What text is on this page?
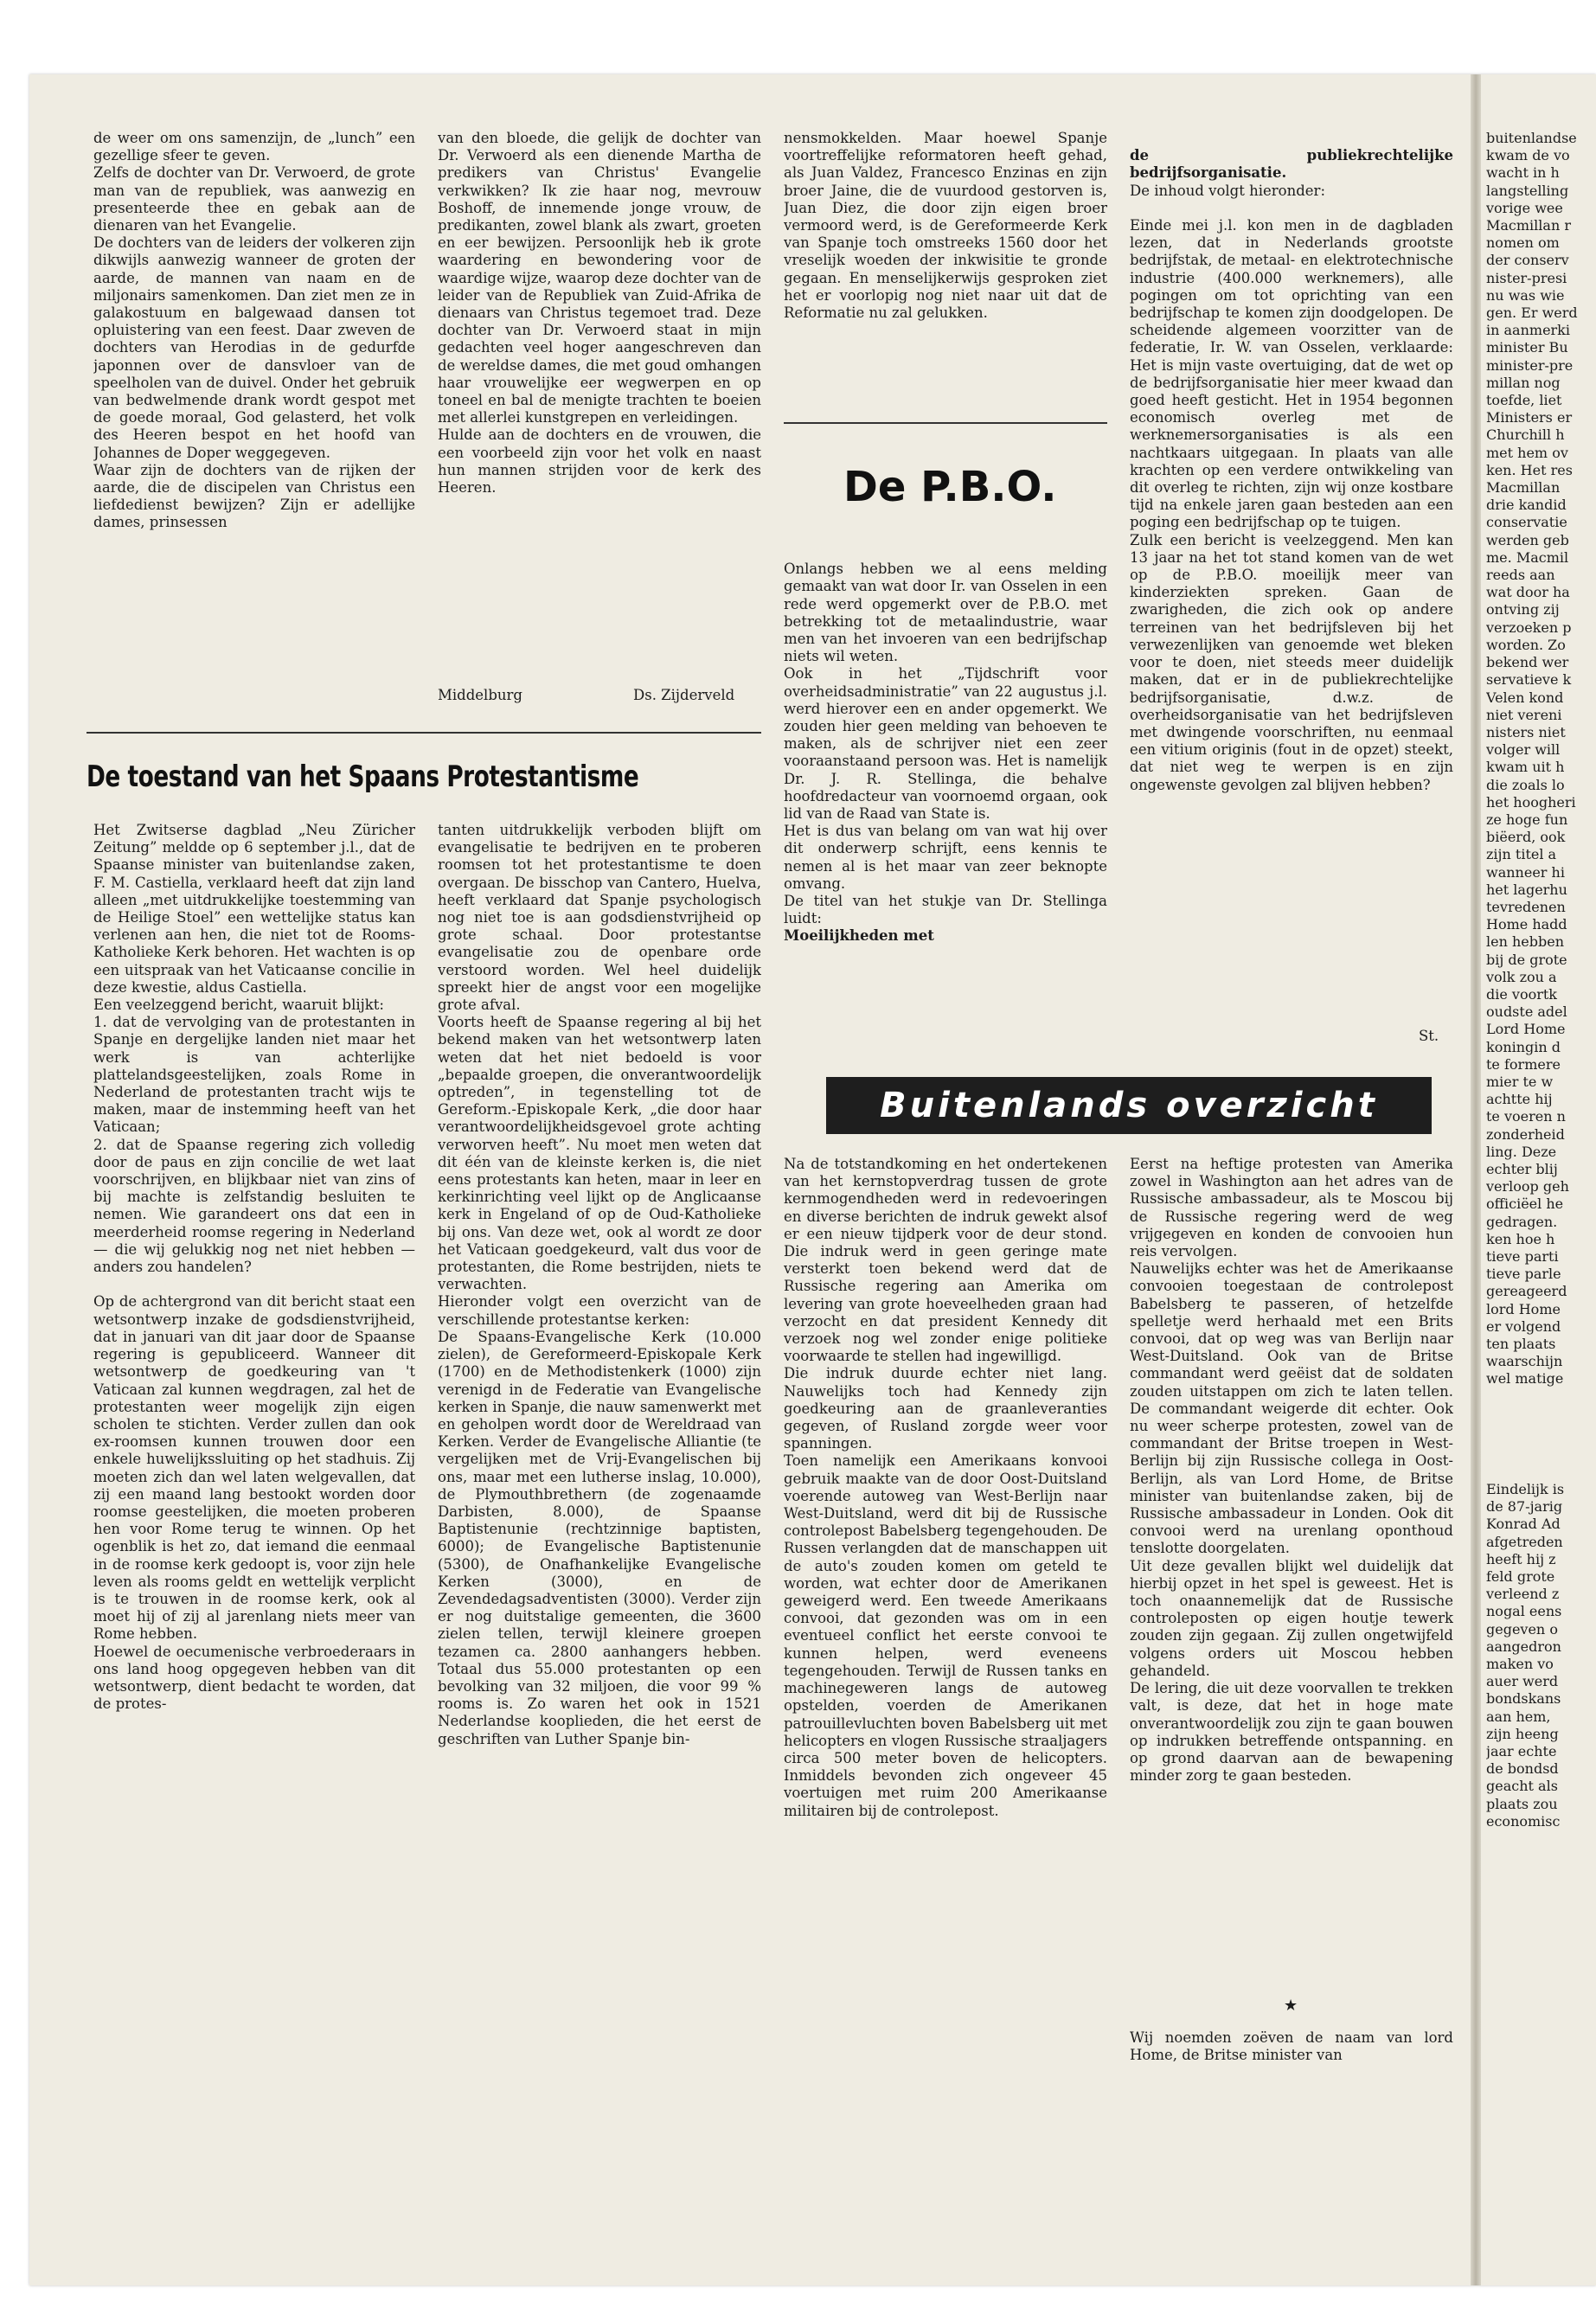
de weer om ons samenzijn, de „lunch” een gezellige sfeer te geven.
Zelfs de dochter van Dr. Verwoerd, de grote man van de republiek, was aanwezig en presenteerde thee en gebak aan de dienaren van het Evangelie.
De dochters van de leiders der volkeren zijn dikwijls aanwezig wanneer de groten der aarde, de mannen van naam en de miljonairs samenkomen. Dan ziet men ze in galakostuum en balgewaad dansen tot opluistering van een feest. Daar zweven de dochters van Herodias in de gedurfde japonnen over de dansvloer van de speelholen van de duivel. Onder het gebruik van bedwelmende drank wordt gespot met de goede moraal, God gelasterd, het volk des Heeren bespot en het hoofd van Johannes de Doper weggegeven.
Waar zijn de dochters van de rijken der aarde, die de discipelen van Christus een liefdedienst bewijzen? Zijn er adellijke dames, prinsessen
van den bloede, die gelijk de dochter van Dr. Verwoerd als een dienende Martha de predikers van Christus' Evangelie verkwikken? Ik zie haar nog, mevrouw Boshoff, de innemende jonge vrouw, de predikanten, zowel blank als zwart, groeten en eer bewijzen. Persoonlijk heb ik grote waardering en bewondering voor de waardige wijze, waarop deze dochter van de leider van de Republiek van Zuid-Afrika de dienaars van Christus tegemoet trad. Deze dochter van Dr. Verwoerd staat in mijn gedachten veel hoger aangeschreven dan de wereldse dames, die met goud omhangen haar vrouwelijke eer wegwerpen en op toneel en bal de menigte trachten te boeien met allerlei kunstgrepen en verleidingen.
Hulde aan de dochters en de vrouwen, die een voorbeeld zijn voor het volk en naast hun mannen strijden voor de kerk des Heeren.
Middelburg	Ds. Zijderveld
De toestand van het Spaans Protestantisme
Het Zwitserse dagblad „Neu Züricher Zeitung” meldde op 6 september j.l., dat de Spaanse minister van buitenlandse zaken, F. M. Castiella, verklaard heeft dat zijn land alleen „met uitdrukkelijke toestemming van de Heilige Stoel” een wettelijke status kan verlenen aan hen, die niet tot de Rooms-Katholieke Kerk behoren. Het wachten is op een uitspraak van het Vaticaanse concilie in deze kwestie, aldus Castiella.
Een veelzeggend bericht, waaruit blijkt:
1. dat de vervolging van de protestanten in Spanje en dergelijke landen niet maar het werk is van achterlijke plattelandsgeestelijken, zoals Rome in Nederland de protestanten tracht wijs te maken, maar de instemming heeft van het Vaticaan;
2. dat de Spaanse regering zich volledig door de paus en zijn concilie de wet laat voorschrijven, en blijkbaar niet van zins of bij machte is zelfstandig besluiten te nemen. Wie garandeert ons dat een in meerderheid roomse regering in Nederland — die wij gelukkig nog net niet hebben — anders zou handelen?

Op de achtergrond van dit bericht staat een wetsontwerp inzake de godsdienstvrijheid, dat in januari van dit jaar door de Spaanse regering is gepubliceerd. Wanneer dit wetsontwerp de goedkeuring van 't Vaticaan zal kunnen wegdragen, zal het de protestanten weer mogelijk zijn eigen scholen te stichten. Verder zullen dan ook ex-roomsen kunnen trouwen door een enkele huwelijkssluiting op het stadhuis. Zij moeten zich dan wel laten welgevallen, dat zij een maand lang bestookt worden door roomse geestelijken, die moeten proberen hen voor Rome terug te winnen. Op het ogenblik is het zo, dat iemand die eenmaal in de roomse kerk gedoopt is, voor zijn hele leven als rooms geldt en wettelijk verplicht is te trouwen in de roomse kerk, ook al moet hij of zij al jarenlang niets meer van Rome hebben.
Hoewel de oecumenische verbroederaars in ons land hoog opgegeven hebben van dit wetsontwerp, dient bedacht te worden, dat de protes-
tanten uitdrukkelijk verboden blijft om evangelisatie te bedrijven en te proberen roomsen tot het protestantisme te doen overgaan. De bisschop van Cantero, Huelva, heeft verklaard dat Spanje psychologisch nog niet toe is aan godsdienstvrijheid op grote schaal. Door protestantse evangelisatie zou de openbare orde verstoord worden. Wel heel duidelijk spreekt hier de angst voor een mogelijke grote afval.
Voorts heeft de Spaanse regering al bij het bekend maken van het wetsontwerp laten weten dat het niet bedoeld is voor „bepaalde groepen, die onverantwoordelijk optreden”, in tegenstelling tot de Gereform.-Episkopale Kerk, „die door haar verantwoordelijkheidsgevoel grote achting verworven heeft”. Nu moet men weten dat dit één van de kleinste kerken is, die niet eens protestants kan heten, maar in leer en kerkinrichting veel lijkt op de Anglicaanse kerk in Engeland of op de Oud-Katholieke bij ons. Van deze wet, ook al wordt ze door het Vaticaan goedgekeurd, valt dus voor de protestanten, die Rome bestrijden, niets te verwachten.
Hieronder volgt een overzicht van de verschillende protestantse kerken:
De Spaans-Evangelische Kerk (10.000 zielen), de Gereformeerd-Episkopale Kerk (1700) en de Methodistenkerk (1000) zijn verenigd in de Federatie van Evangelische kerken in Spanje, die nauw samenwerkt met en geholpen wordt door de Wereldraad van Kerken. Verder de Evangelische Alliantie (te vergelijken met de Vrij-Evangelischen bij ons, maar met een lutherse inslag, 10.000), de Plymouthbrethern (de zogenaamde Darbisten, 8.000), de Spaanse Baptistenunie (rechtzinnige baptisten, 6000); de Evangelische Baptistenunie (5300), de Onafhankelijke Evangelische Kerken (3000), en de Zevendedagsadventisten (3000). Verder zijn er nog duitstalige gemeenten, die 3600 zielen tellen, terwijl kleinere groepen tezamen ca. 2800 aanhangers hebben. Totaal dus 55.000 protestanten op een bevolking van 32 miljoen, die voor 99 % rooms is. Zo waren het ook in 1521 Nederlandse kooplieden, die het eerst de geschriften van Luther Spanje bin-
nensmokkelden. Maar hoewel Spanje voortreffelijke reformatoren heeft gehad, als Juan Valdez, Francesco Enzinas en zijn broer Jaine, die de vuurdood gestorven is, Juan Diez, die door zijn eigen broer vermoord werd, is de Gereformeerde Kerk van Spanje toch omstreeks 1560 door het vreselijk woeden der inkwisitie te gronde gegaan. En menselijkerwijs gesproken ziet het er voorlopig nog niet naar uit dat de Reformatie nu zal gelukken.
De P.B.O.

Onlangs hebben we al eens melding gemaakt van wat door Ir. van Osselen in een rede werd opgemerkt over de P.B.O. met betrekking tot de metaalindustrie, waar men van het invoeren van een bedrijfschap niets wil weten.
Ook in het „Tijdschrift voor overheidsadministratie” van 22 augustus j.l. werd hierover een en ander opgemerkt. We zouden hier geen melding van behoeven te maken, als de schrijver niet een zeer vooraanstaand persoon was. Het is namelijk Dr. J. R. Stellinga, die behalve hoofdredacteur van voornoemd orgaan, ook lid van de Raad van State is.
Het is dus van belang om van wat hij over dit onderwerp schrijft, eens kennis te nemen al is het maar van zeer beknopte omvang.
De titel van het stukje van Dr. Stellinga luidt:
Moeilijkheden met

de publiekrechtelijke bedrijfsorganisatie.
De inhoud volgt hieronder:

Einde mei j.l. kon men in de dagbladen lezen, dat in Nederlands grootste bedrijfstak, de metaal- en elektrotechnische industrie (400.000 werknemers), alle pogingen om tot oprichting van een bedrijfschap te komen zijn doodgelopen. De scheidende algemeen voorzitter van de federatie, Ir. W. van Osselen, verklaarde: Het is mijn vaste overtuiging, dat de wet op de bedrijfsorganisatie hier meer kwaad dan goed heeft gesticht. Het in 1954 begonnen economisch overleg met de werknemersorganisaties is als een nachtkaars uitgegaan. In plaats van alle krachten op een verdere ontwikkeling van dit overleg te richten, zijn wij onze kostbare tijd na enkele jaren gaan besteden aan een poging een bedrijfschap op te tuigen.
Zulk een bericht is veelzeggend. Men kan 13 jaar na het tot stand komen van de wet op de P.B.O. moeilijk meer van kinderziekten spreken. Gaan de zwarigheden, die zich ook op andere terreinen van het bedrijfsleven bij het verwezenlijken van genoemde wet bleken voor te doen, niet steeds meer duidelijk maken, dat er in de publiekrechtelijke bedrijfsorganisatie, d.w.z. de overheidsorganisatie van het bedrijfsleven met dwingende voorschriften, nu eenmaal een vitium originis (fout in de opzet) steekt, dat niet weg te werpen is en zijn ongewenste gevolgen zal blijven hebben?

St.
Buitenlands overzicht
Na de totstandkoming en het ondertekenen van het kernstopverdrag tussen de grote kernmogendheden werd in redevoeringen en diverse berichten de indruk gewekt alsof er een nieuw tijdperk voor de deur stond. Die indruk werd in geen geringe mate versterkt toen bekend werd dat de Russische regering aan Amerika om levering van grote hoeveelheden graan had verzocht en dat president Kennedy dit verzoek nog wel zonder enige politieke voorwaarde te stellen had ingewilligd.
Die indruk duurde echter niet lang. Nauwelijks toch had Kennedy zijn goedkeuring aan de graanleveranties gegeven, of Rusland zorgde weer voor spanningen.
Toen namelijk een Amerikaans konvooi gebruik maakte van de door Oost-Duitsland voerende autoweg van West-Berlijn naar West-Duitsland, werd dit bij de Russische controlepost Babelsberg tegengehouden. De Russen verlangden dat de manschappen uit de auto's zouden komen om geteld te worden, wat echter door de Amerikanen geweigerd werd. Een tweede Amerikaans convooi, dat gezonden was om in een eventueel conflict het eerste convooi te kunnen helpen, werd eveneens tegengehouden. Terwijl de Russen tanks en machinegeweren langs de autoweg opstelden, voerden de Amerikanen patrouillevluchten boven Babelsberg uit met helicopters en vlogen Russische straaljagers circa 500 meter boven de helicopters. Inmiddels bevonden zich ongeveer 45 voertuigen met ruim 200 Amerikaanse militairen bij de controlepost.
Eerst na heftige protesten van Amerika zowel in Washington aan het adres van de Russische ambassadeur, als te Moscou bij de Russische regering werd de weg vrijgegeven en konden de convooien hun reis vervolgen.
Nauwelijks echter was het de Amerikaanse convooien toegestaan de controlepost Babelsberg te passeren, of hetzelfde spelletje werd herhaald met een Brits convooi, dat op weg was van Berlijn naar West-Duitsland. Ook van de Britse commandant werd geëist dat de soldaten zouden uitstappen om zich te laten tellen. De commandant weigerde dit echter. Ook nu weer scherpe protesten, zowel van de commandant der Britse troepen in West-Berlijn bij zijn Russische collega in Oost-Berlijn, als van Lord Home, de Britse minister van buitenlandse zaken, bij de Russische ambassadeur in Londen. Ook dit convooi werd na urenlang oponthoud tenslotte doorgelaten.
Uit deze gevallen blijkt wel duidelijk dat hierbij opzet in het spel is geweest. Het is toch onaannemelijk dat de Russische controleposten op eigen houtje tewerk zouden zijn gegaan. Zij zullen ongetwijfeld volgens orders uit Moscou hebben gehandeld.
De lering, die uit deze voorvallen te trekken valt, is deze, dat het in hoge mate onverantwoordelijk zou zijn te gaan bouwen op indrukken betreffende ontspanning. en op grond daarvan aan de bewapening minder zorg te gaan besteden.
★
Wij noemden zoëven de naam van lord Home, de Britse minister van
buitenlandse
kwam de vo
wacht in h
langstelling
vorige wee
Macmillan r
nomen om
der conserv
nister-presi
nu was wie
gen. Er werd
in aanmerki
minister Bu
minister-pre
millan nog
toefde, liet
Ministers er
Churchill h
met hem ov
ken. Het res
Macmillan
drie kandid
conservatie
werden geb
me. Macmil
reeds aan
wat door ha
ontving zij
verzoeken p
worden. Zo
bekend wer
servatieve k
Velen kond
niet vereni
nisters niet
volger will
kwam uit h
die zoals lo
het hoogheri
ze hoge fun
biëerd, ook
zijn titel a
wanneer hi
het lagerhu
tevredenen
Home hadd
len hebben
bij de grote
volk zou a
die voortk
oudste adel
Lord Home
koningin d
te formere
mier te w
achtte hij
te voeren n
zonderheid
ling. Deze
echter blij
verloop geh
officiëel he
gedragen.
ken hoe h
tieve parti
tieve parle
gereageerd
lord Home
er volgend
ten plaats
waarschijn
wel matige
Eindelijk is
de 87-jarig
Konrad Ad
afgetreden
heeft hij z
feld grote
verleend z
nogal eens
gegeven o
aangedron
maken vo
auer werd
bondskans
aan hem,
zijn heeng
jaar echte
de bondsd
geacht als
plaats zou
economisc
